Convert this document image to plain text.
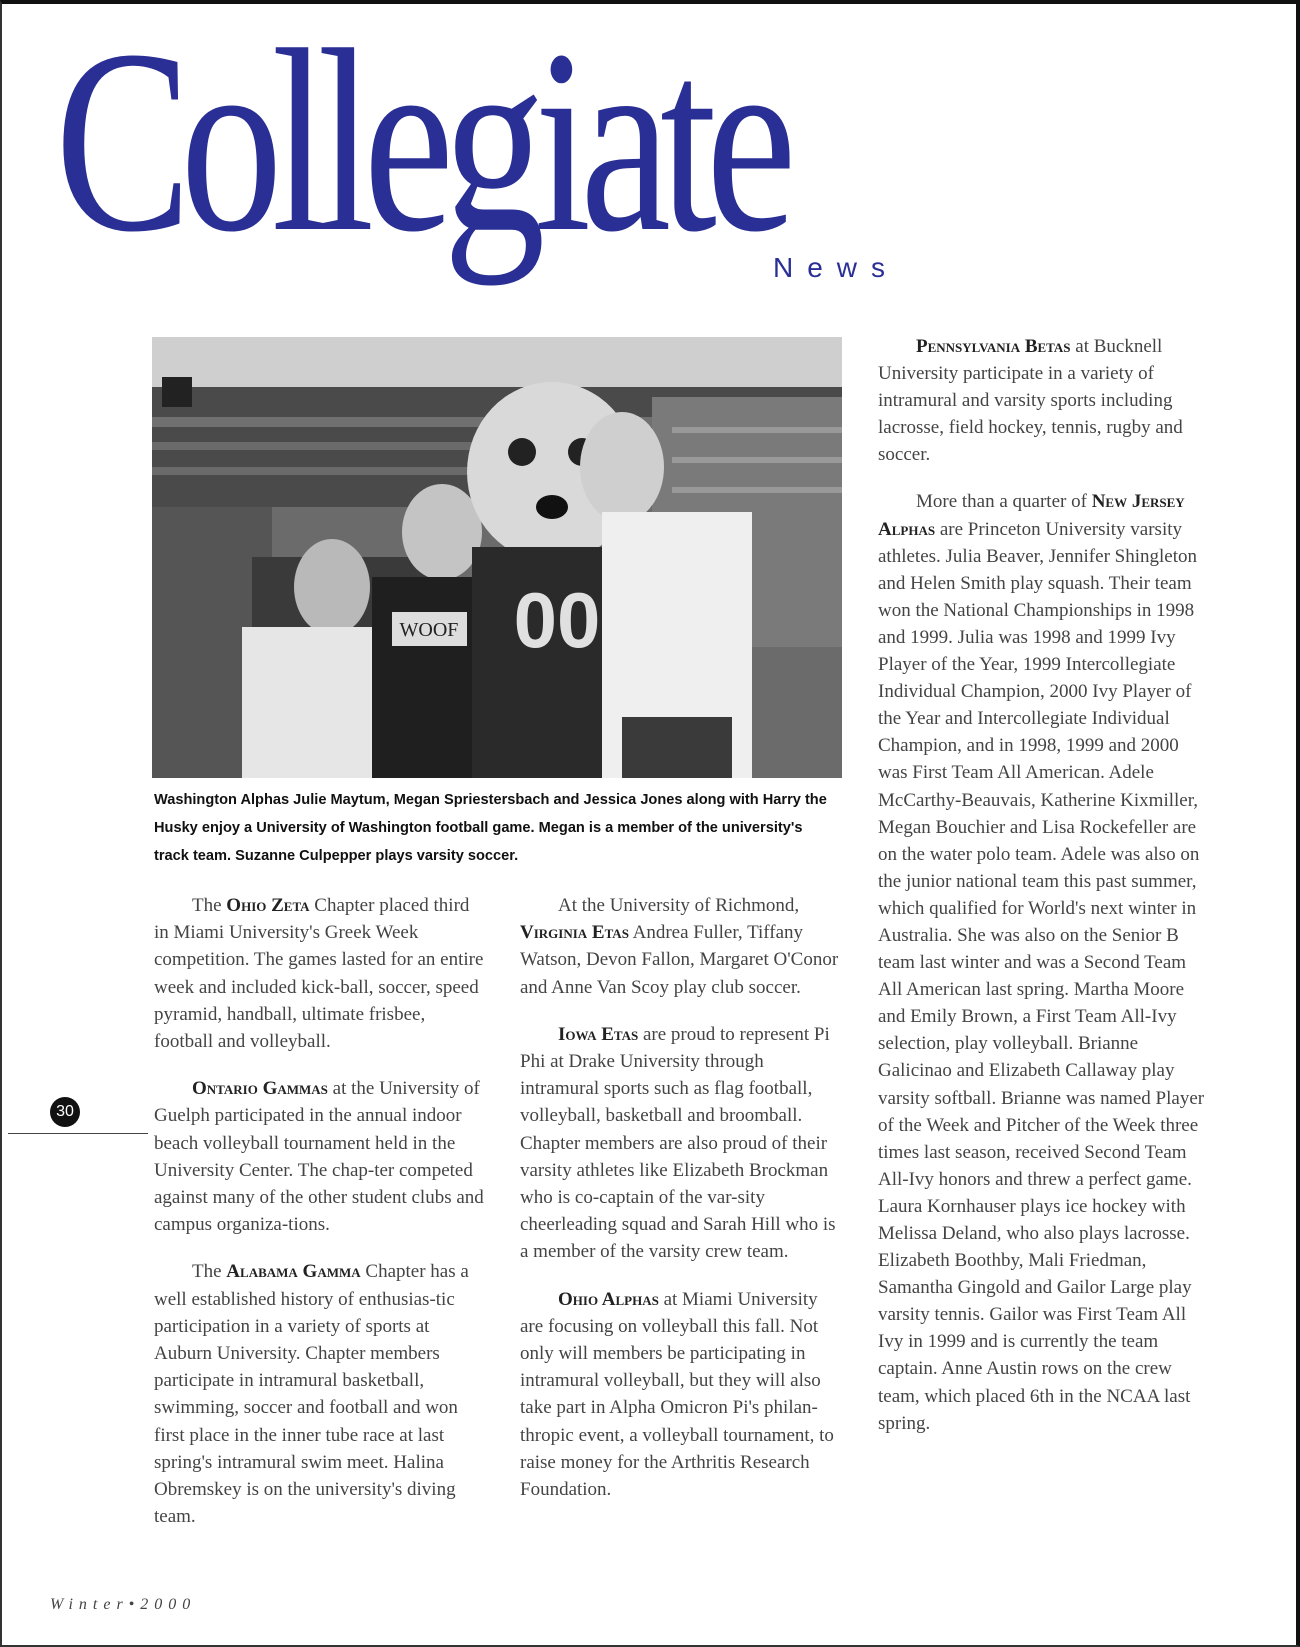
Collegiate
News
WOOF 00
Washington Alphas Julie Maytum, Megan Spriestersbach and Jessica Jones along with Harry the Husky enjoy a University of Washington football game. Megan is a member of the university's track team. Suzanne Culpepper plays varsity soccer.

The Ohio Zeta Chapter placed third in Miami University's Greek Week competition. The games lasted for an entire week and included kick-ball, soccer, speed pyramid, handball, ultimate frisbee, football and volleyball.

Ontario Gammas at the University of Guelph participated in the annual indoor beach volleyball tournament held in the University Center. The chap-ter competed against many of the other student clubs and campus organiza-tions.

The Alabama Gamma Chapter has a well established history of enthusias-tic participation in a variety of sports at Auburn University. Chapter members participate in intramural basketball, swimming, soccer and football and won first place in the inner tube race at last spring's intramural swim meet. Halina Obremskey is on the university's diving team.

At the University of Richmond, Virginia Etas Andrea Fuller, Tiffany Watson, Devon Fallon, Margaret O'Conor and Anne Van Scoy play club soccer.

Iowa Etas are proud to represent Pi Phi at Drake University through intramural sports such as flag football, volleyball, basketball and broomball. Chapter members are also proud of their varsity athletes like Elizabeth Brockman who is co-captain of the var-sity cheerleading squad and Sarah Hill who is a member of the varsity crew team.

Ohio Alphas at Miami University are focusing on volleyball this fall. Not only will members be participating in intramural volleyball, but they will also take part in Alpha Omicron Pi's philan-thropic event, a volleyball tournament, to raise money for the Arthritis Research Foundation.

Pennsylvania Betas at Bucknell University participate in a variety of intramural and varsity sports including lacrosse, field hockey, tennis, rugby and soccer.

More than a quarter of New Jersey Alphas are Princeton University varsity athletes. Julia Beaver, Jennifer Shingleton and Helen Smith play squash. Their team won the National Championships in 1998 and 1999. Julia was 1998 and 1999 Ivy Player of the Year, 1999 Intercollegiate Individual Champion, 2000 Ivy Player of the Year and Intercollegiate Individual Champion, and in 1998, 1999 and 2000 was First Team All American. Adele McCarthy-Beauvais, Katherine Kixmiller, Megan Bouchier and Lisa Rockefeller are on the water polo team. Adele was also on the junior national team this past summer, which qualified for World's next winter in Australia. She was also on the Senior B team last winter and was a Second Team All American last spring. Martha Moore and Emily Brown, a First Team All-Ivy selection, play volleyball. Brianne Galicinao and Elizabeth Callaway play varsity softball. Brianne was named Player of the Week and Pitcher of the Week three times last season, received Second Team All-Ivy honors and threw a perfect game. Laura Kornhauser plays ice hockey with Melissa Deland, who also plays lacrosse. Elizabeth Boothby, Mali Friedman, Samantha Gingold and Gailor Large play varsity tennis. Gailor was First Team All Ivy in 1999 and is currently the team captain. Anne Austin rows on the crew team, which placed 6th in the NCAA last spring.

30
Winter•2000
